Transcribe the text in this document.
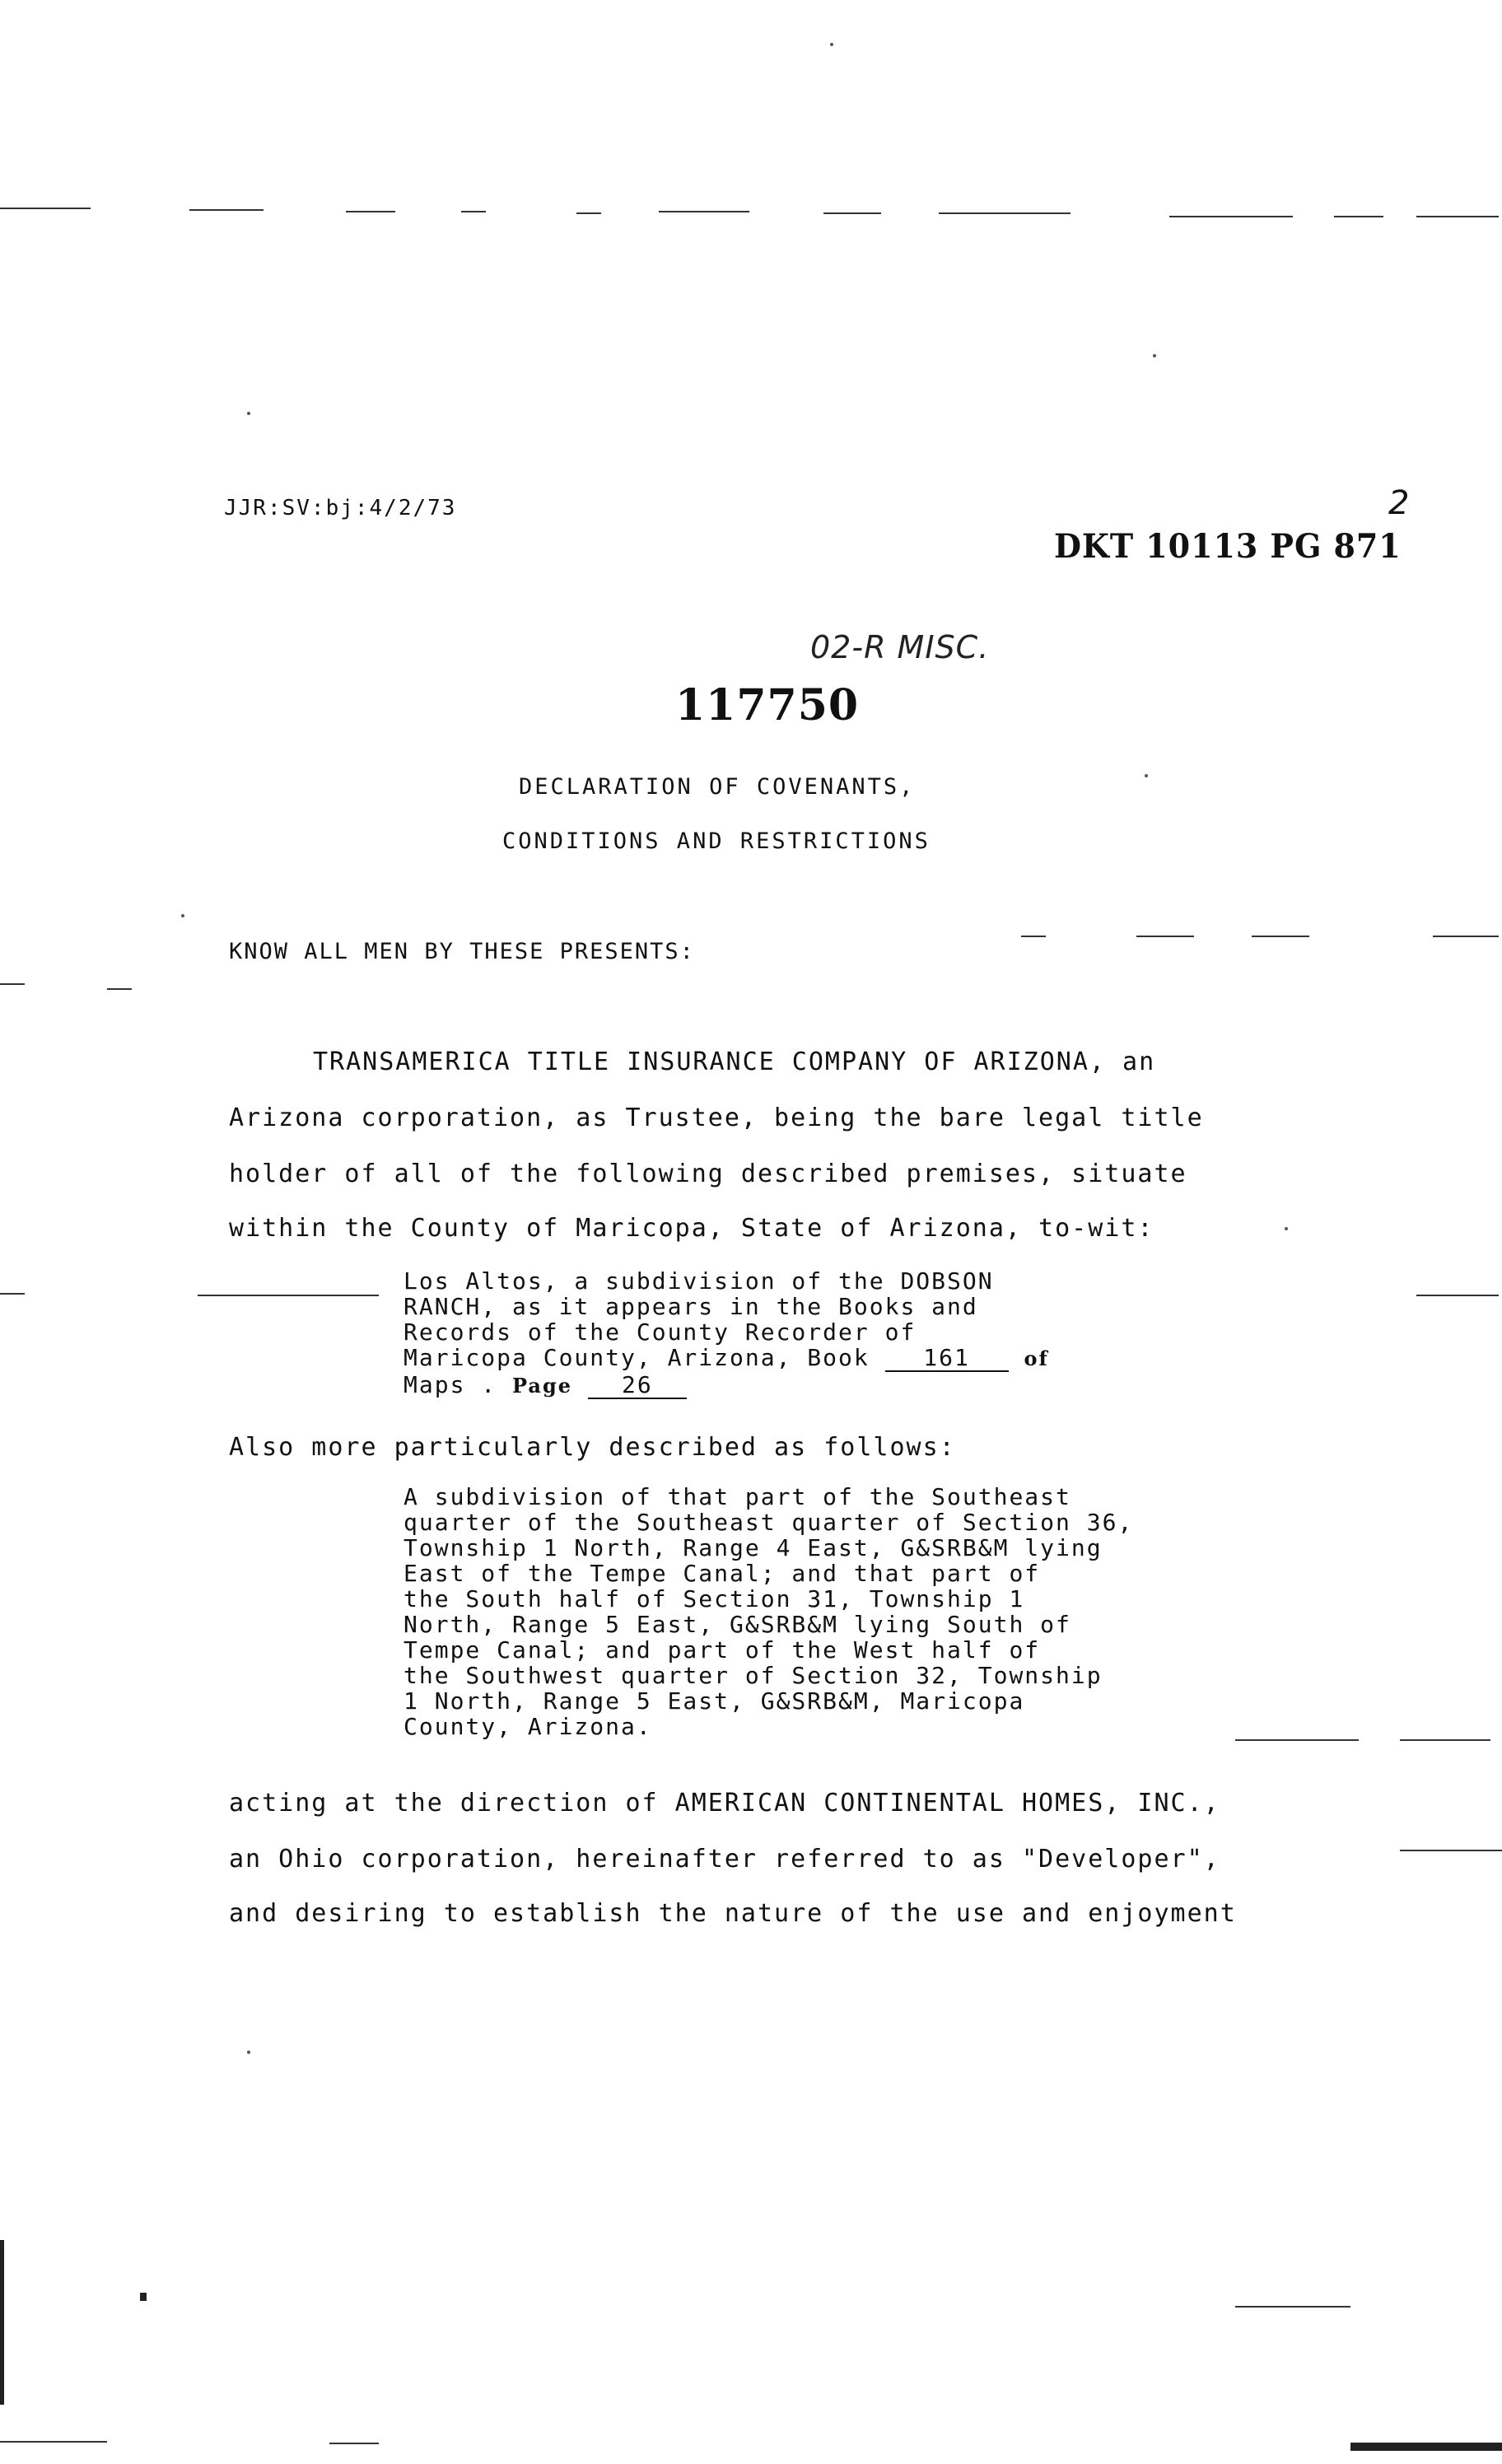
JJR:SV:bj:4/2/73
DKT 10113 PG 871
2
02-R MISC.
117750
DECLARATION OF COVENANTS,
CONDITIONS AND RESTRICTIONS
KNOW ALL MEN BY THESE PRESENTS:
TRANSAMERICA TITLE INSURANCE COMPANY OF ARIZONA, an
Arizona corporation, as Trustee, being the bare legal title
holder of all of the following described premises, situate
within the County of Maricopa, State of Arizona, to-wit:
Los Altos, a subdivision of the DOBSON
RANCH, as it appears in the Books and
Records of the County Recorder of
Maricopa County, Arizona, Book 161	of
Maps . Page 26
Also more particularly described as follows:
A subdivision of that part of the Southeast
quarter of the Southeast quarter of Section 36,
Township 1 North, Range 4 East, G&SRB&M lying
East of the Tempe Canal; and that part of
the South half of Section 31, Township 1
North, Range 5 East, G&SRB&M lying South of
Tempe Canal; and part of the West half of
the Southwest quarter of Section 32, Township
1 North, Range 5 East, G&SRB&M, Maricopa
County, Arizona.
acting at the direction of AMERICAN CONTINENTAL HOMES, INC.,
an Ohio corporation, hereinafter referred to as "Developer",
and desiring to establish the nature of the use and enjoyment
